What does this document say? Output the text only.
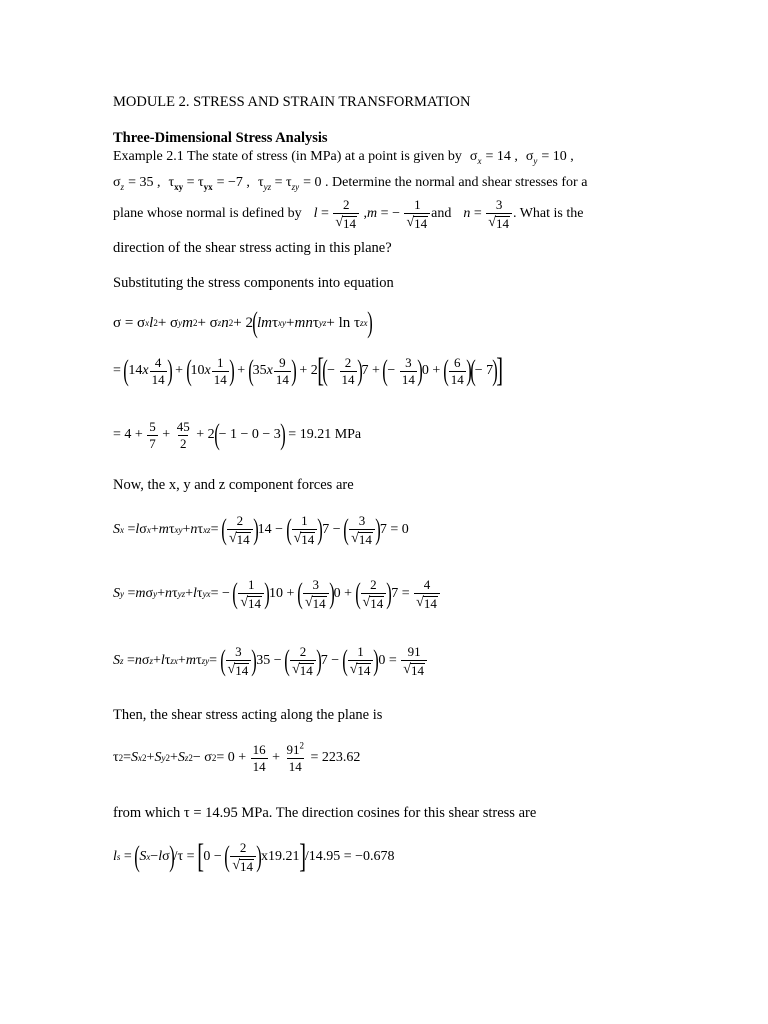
MODULE 2. STRESS AND STRAIN TRANSFORMATION
Three-Dimensional Stress Analysis
Example 2.1 The state of stress (in MPa) at a point is given by $\sigma_x = 14$ , $\sigma_y = 10$ ,
$\sigma_z = 35$ , $\tau_{xy} = \tau_{yx} = -7$ , $\tau_{yz} = \tau_{zy} = 0$ . Determine the normal and shear stresses for a
plane whose normal is defined by $l = \frac{2}{√ 14}$ , m = − $\frac{1}{√ 14}$ and $n = \frac{3}{√ 14}$ . What is the
direction of the shear stress acting in this plane?
Substituting the stress components into equation
σ = σ x l 2 + σ y m 2 + σ z n 2 + 2 ( lm τ xy + mn τ yz + ln τ zx )
= ( 14 x $\frac{4}{14}$ ) + ( 10 x $\frac{1}{14}$ ) + ( 35 x $\frac{9}{14}$ ) + 2 [
( − $\frac{2}{14}$ ) 7 + ( − $\frac{3}{14}$ ) 0 + ( $\frac{6}{14}$ )
( − 7 )
]
= $4 + \frac{5}{7} + \frac{45}{2} + 2$ ( − 1 − 0 − 3 )
= 19.21 MPa
Now, the x, y and z component forces are
S x = l σ x + m τ xy + n τ xz = ( $\frac{2}{√ 14}$ ) 14 − ( $\frac{1}{√ 14}$ ) 7 − ( $\frac{3}{√ 14}$ ) 7 = 0
S y = m σ y + n τ yz + l τ yx = − ( $\frac{1}{√ 14}$ ) 10 + ( $\frac{3}{√ 14}$ ) 0 + ( $\frac{2}{√ 14}$ ) $7 = \frac{4}{√ 14}$
S z = n σ z + l τ zx + m τ zy = ( $\frac{3}{√ 14}$ ) 35 − ( $\frac{2}{√ 14}$ ) 7 − ( $\frac{1}{√ 14}$ ) $0 = \frac{91}{√ 14}$
Then, the shear stress acting along the plane is
τ 2 = S x 2 + S y 2 + S z 2 − σ $2 = 0 + \frac{16}{14} + \frac{91^2}{14}$
= 223.62
from which τ = 14.95 MPa. The direction cosines for this shear stress are
l s = ( S x − l σ ) /τ = [ 0 − ( $\frac{2}{√ 14}$ ) x19.21 ] /14.95 = −0.678
